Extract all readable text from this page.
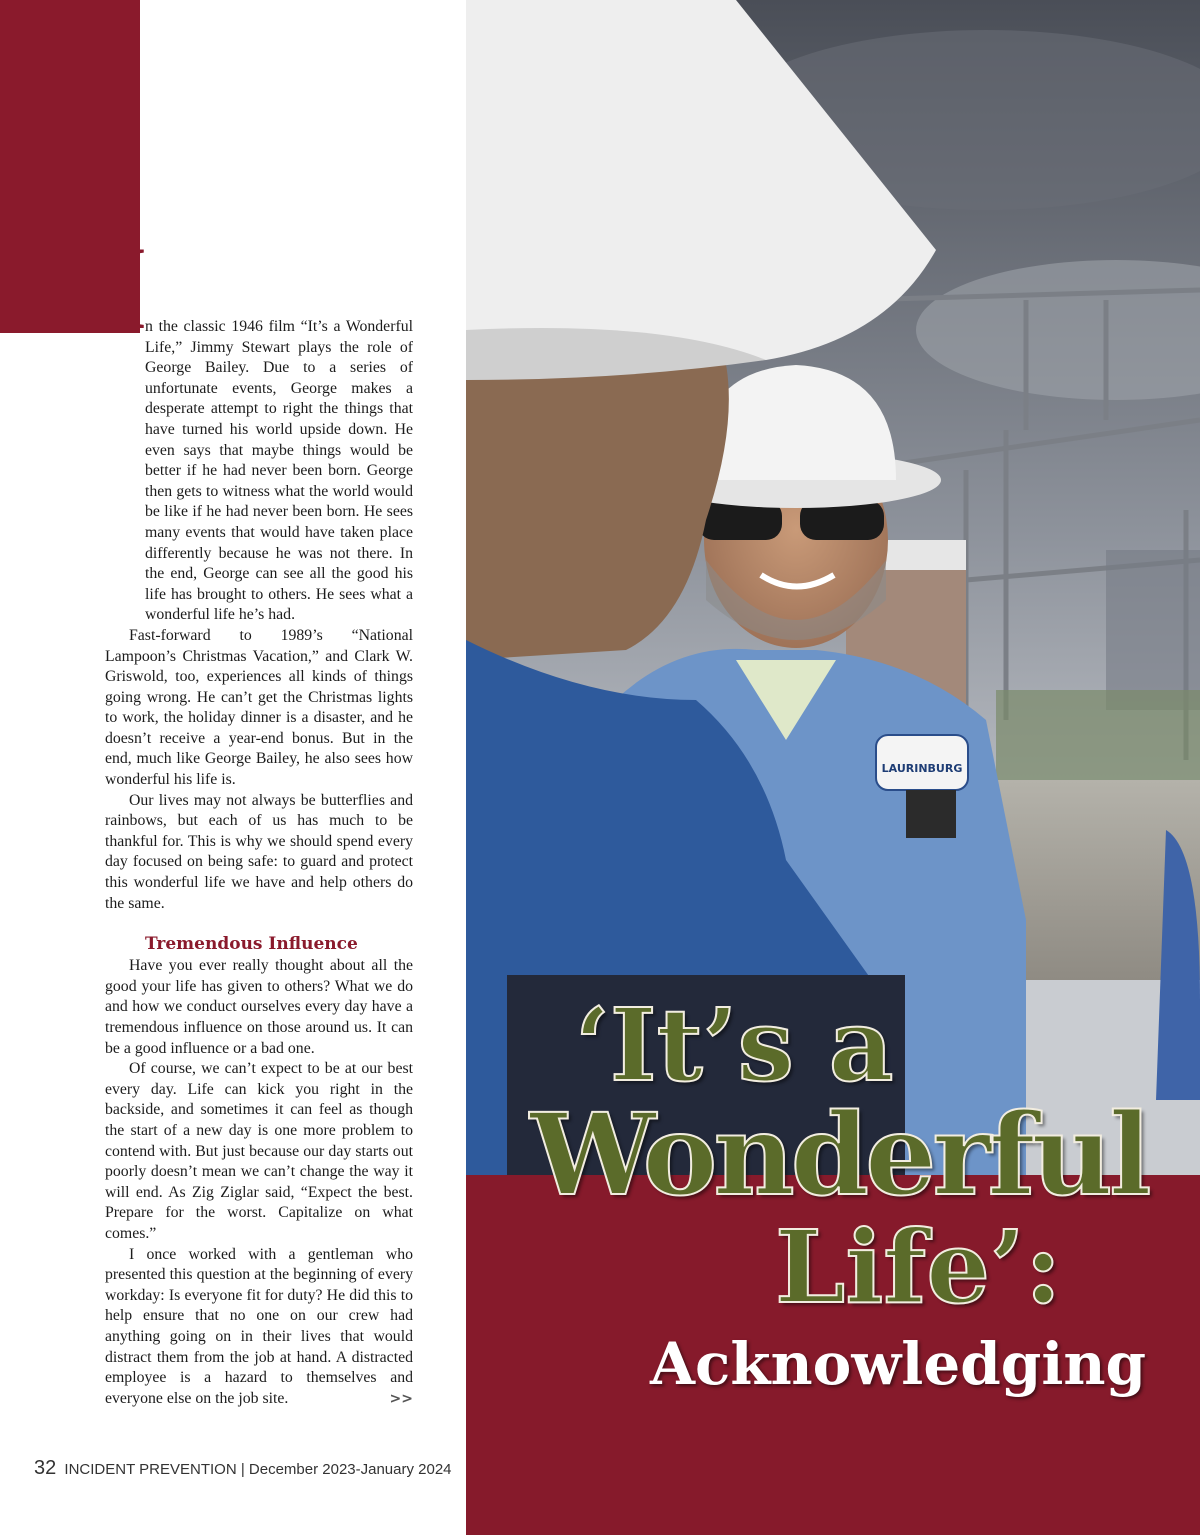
I

n the classic 1946 film “It’s a Wonderful Life,” Jimmy Stewart plays the role of George Bailey. Due to a series of unfortunate events, George makes a desperate attempt to right the things that have turned his world upside down. He even says that maybe things would be better if he had never been born. George then gets to witness what the world would be like if he had never been born. He sees many events that would have taken place differently because he was not there. In the end, George can see all the good his life has brought to others. He sees what a wonderful life he’s had.

Fast-forward to 1989’s “National Lampoon’s Christmas Vacation,” and Clark W. Griswold, too, experiences all kinds of things going wrong. He can’t get the Christmas lights to work, the holiday dinner is a disaster, and he doesn’t receive a year-end bonus. But in the end, much like George Bailey, he also sees how wonderful his life is.

Our lives may not always be butterflies and rainbows, but each of us has much to be thankful for. This is why we should spend every day focused on being safe: to guard and protect this wonderful life we have and help others do the same.

Tremendous Influence

Have you ever really thought about all the good your life has given to others? What we do and how we conduct ourselves every day have a tremendous influence on those around us. It can be a good influence or a bad one.

Of course, we can’t expect to be at our best every day. Life can kick you right in the backside, and sometimes it can feel as though the start of a new day is one more problem to contend with. But just because our day starts out poorly doesn’t mean we can’t change the way it will end. As Zig Ziglar said, “Expect the best. Prepare for the worst. Capitalize on what comes.”

I once worked with a gentleman who presented this question at the beginning of every workday: Is everyone fit for duty? He did this to help ensure that no one on our crew had anything going on in their lives that would distract them from the job at hand. A distracted employee is a hazard to themselves and everyone else on the job site.	>>

32 INCIDENT PREVENTION | December 2023-January 2024
LAURINBURG
‘It’s a
Wonderful
Life’:
Acknowledging
